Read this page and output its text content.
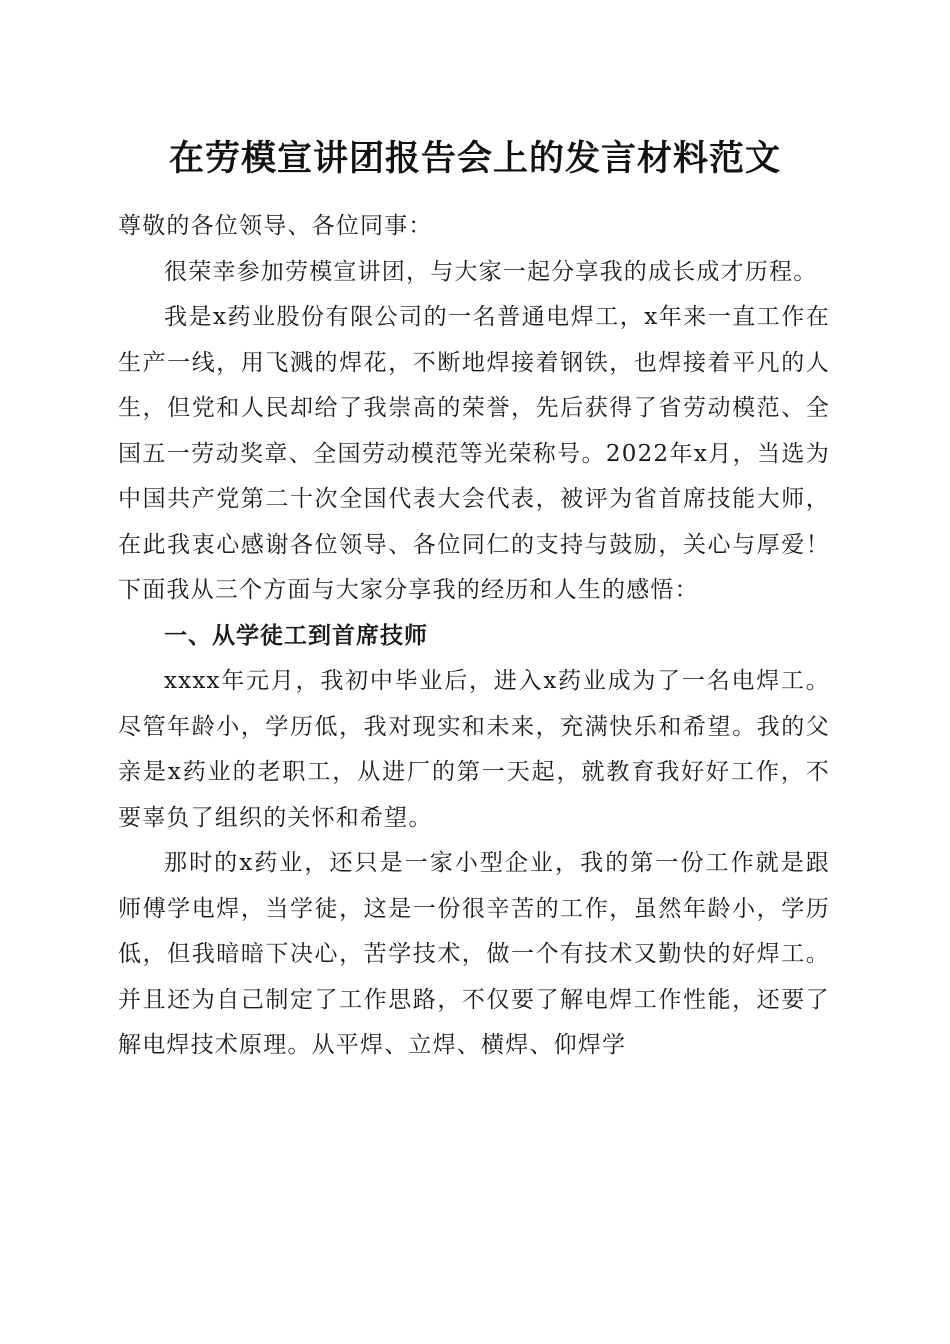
在劳模宣讲团报告会上的发言材料范文

尊敬的各位领导、各位同事：

很荣幸参加劳模宣讲团，与大家一起分享我的成长成才历程。

我是x药业股份有限公司的一名普通电焊工，x年来一直工作在生产一线，用飞溅的焊花，不断地焊接着钢铁，也焊接着平凡的人生，但党和人民却给了我崇高的荣誉，先后获得了省劳动模范、全国五一劳动奖章、全国劳动模范等光荣称号。2022年x月，当选为中国共产党第二十次全国代表大会代表，被评为省首席技能大师，在此我衷心感谢各位领导、各位同仁的支持与鼓励，关心与厚爱！下面我从三个方面与大家分享我的经历和人生的感悟：

一、从学徒工到首席技师

xxxx年元月，我初中毕业后，进入x药业成为了一名电焊工。尽管年龄小，学历低，我对现实和未来，充满快乐和希望。我的父亲是x药业的老职工，从进厂的第一天起，就教育我好好工作，不要辜负了组织的关怀和希望。

那时的x药业，还只是一家小型企业，我的第一份工作就是跟师傅学电焊，当学徒，这是一份很辛苦的工作，虽然年龄小，学历低，但我暗暗下决心，苦学技术，做一个有技术又勤快的好焊工。并且还为自己制定了工作思路，不仅要了解电焊工作性能，还要了解电焊技术原理。从平焊、立焊、横焊、仰焊学
